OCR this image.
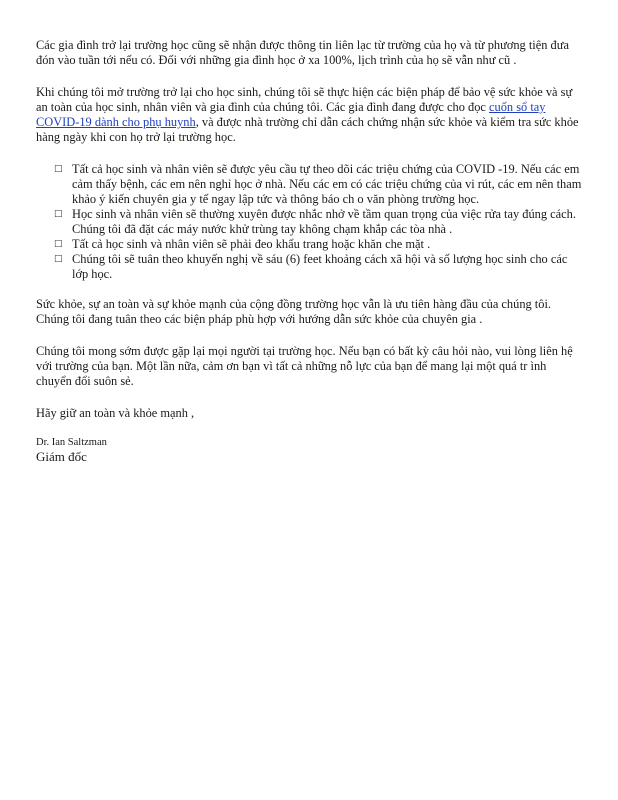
Các gia đình trở lại trường học cũng sẽ nhận được thông tin liên lạc từ trường của họ và từ phương tiện đưa đón vào tuần tới nếu có. Đối với những gia đình học ở xa 100%, lịch trình của họ sẽ vẫn như cũ .

Khi chúng tôi mở trường trở lại cho học sinh, chúng tôi sẽ thực hiện các biện pháp để bảo vệ sức khỏe và sự an toàn của học sinh, nhân viên và gia đình của chúng tôi. Các gia đình đang được cho đọc cuốn sổ tay COVID-19 dành cho phụ huynh, và được nhà trường chỉ dẫn cách chứng nhận sức khỏe và kiểm tra sức khỏe hàng ngày khi con họ trở lại trường học.

□ Tất cả học sinh và nhân viên sẽ được yêu cầu tự theo dõi các triệu chứng của COVID -19. Nếu các em cảm thấy bệnh, các em nên nghỉ học ở nhà. Nếu các em có các triệu chứng của vi rút, các em nên tham khảo ý kiến chuyên gia y tế ngay lập tức và thông báo ch o văn phòng trường học.
□ Học sinh và nhân viên sẽ thường xuyên được nhắc nhở về tầm quan trọng của việc rửa tay đúng cách. Chúng tôi đã đặt các máy nước khử trùng tay không chạm khắp các tòa nhà .
□ Tất cả học sinh và nhân viên sẽ phải đeo khẩu trang hoặc khăn che mặt .
□ Chúng tôi sẽ tuân theo khuyến nghị về sáu (6) feet khoảng cách xã hội và số lượng học sinh cho các lớp học.

Sức khỏe, sự an toàn và sự khỏe mạnh của cộng đồng trường học vẫn là ưu tiên hàng đầu của chúng tôi. Chúng tôi đang tuân theo các biện pháp phù hợp với hướng dẫn sức khỏe của chuyên gia .

Chúng tôi mong sớm được gặp lại mọi người tại trường học. Nếu bạn có bất kỳ câu hỏi nào, vui lòng liên hệ với trường của bạn. Một lần nữa, cảm ơn bạn vì tất cả những nỗ lực của bạn để mang lại một quá tr ình chuyển đổi suôn sẻ.

Hãy giữ an toàn và khỏe mạnh ,

Dr. Ian Saltzman

Giám đốc
